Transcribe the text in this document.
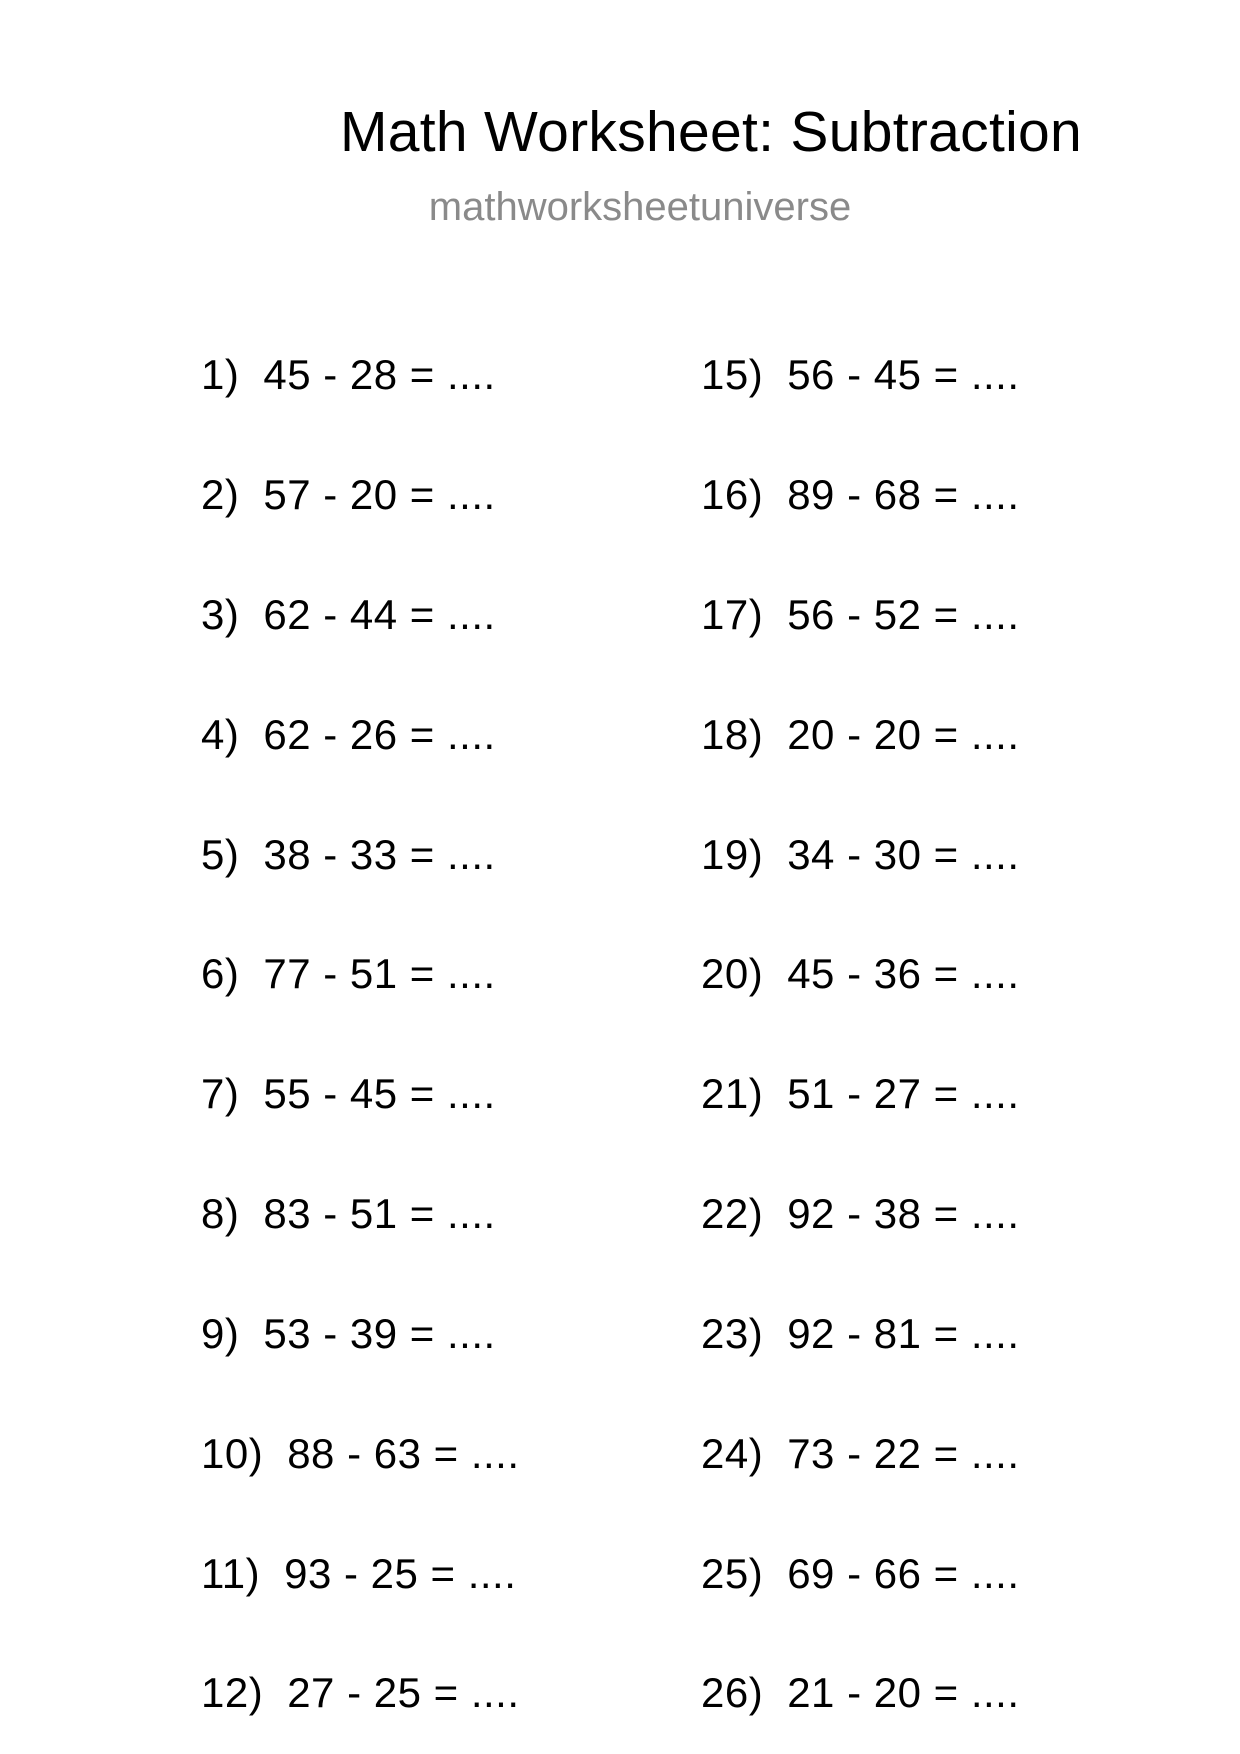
Math Worksheet: Subtraction
mathworksheetuniverse
1) 45 - 28 = ....
2) 57 - 20 = ....
3) 62 - 44 = ....
4) 62 - 26 = ....
5) 38 - 33 = ....
6) 77 - 51 = ....
7) 55 - 45 = ....
8) 83 - 51 = ....
9) 53 - 39 = ....
10) 88 - 63 = ....
11) 93 - 25 = ....
12) 27 - 25 = ....
15) 56 - 45 = ....
16) 89 - 68 = ....
17) 56 - 52 = ....
18) 20 - 20 = ....
19) 34 - 30 = ....
20) 45 - 36 = ....
21) 51 - 27 = ....
22) 92 - 38 = ....
23) 92 - 81 = ....
24) 73 - 22 = ....
25) 69 - 66 = ....
26) 21 - 20 = ....
